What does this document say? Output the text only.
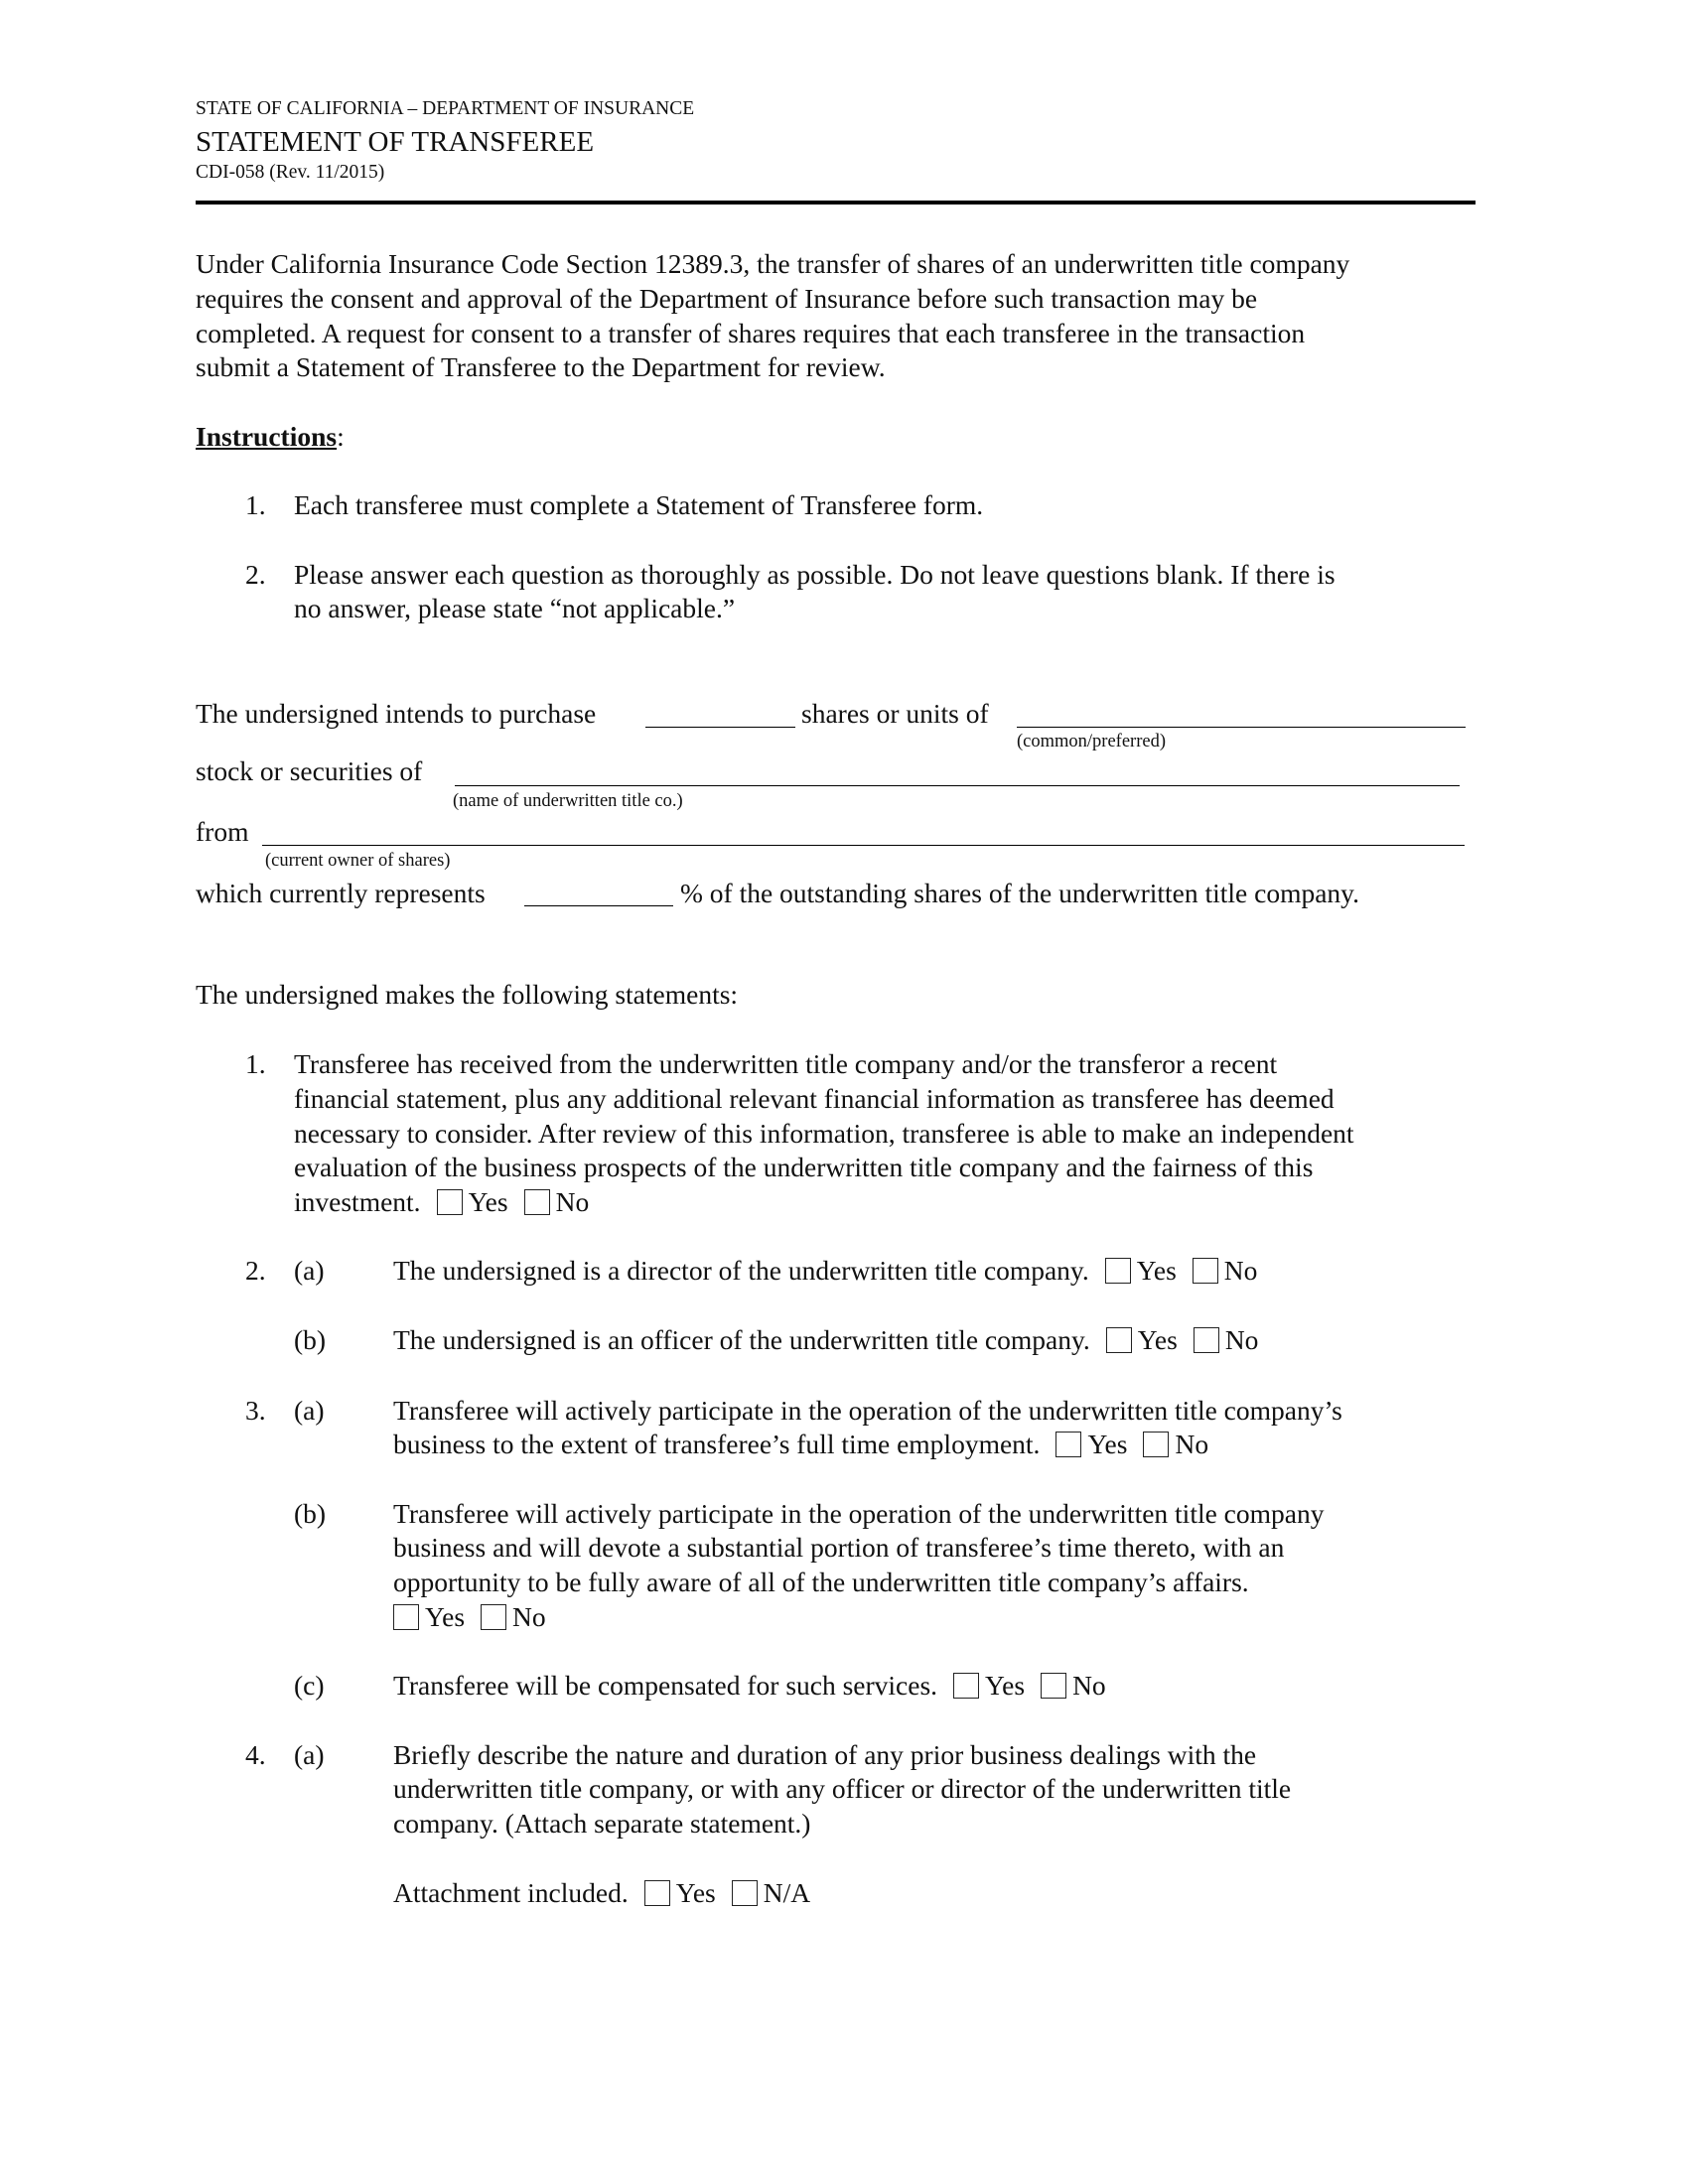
STATE OF CALIFORNIA – DEPARTMENT OF INSURANCE
STATEMENT OF TRANSFEREE
CDI-058 (Rev. 11/2015)
Under California Insurance Code Section 12389.3, the transfer of shares of an underwritten title company
requires the consent and approval of the Department of Insurance before such transaction may be
completed. A request for consent to a transfer of shares requires that each transferee in the transaction
submit a Statement of Transferee to the Department for review.
Instructions:
1. Each transferee must complete a Statement of Transferee form.
2. Please answer each question as thoroughly as possible. Do not leave questions blank. If there is
no answer, please state “not applicable.”
The undersigned intends to purchase	shares or units of
(common/preferred)
stock or securities of
(name of underwritten title co.)
from
(current owner of shares)
which currently represents	% of the outstanding shares of the underwritten title company.
The undersigned makes the following statements:
1. Transferee has received from the underwritten title company and/or the transferor a recent
financial statement, plus any additional relevant financial information as transferee has deemed
necessary to consider. After review of this information, transferee is able to make an independent
evaluation of the business prospects of the underwritten title company and the fairness of this
investment. Yes No
2. (a)	The undersigned is a director of the underwritten title company. Yes No
(b) The undersigned is an officer of the underwritten title company. Yes No
3. (a)	Transferee will actively participate in the operation of the underwritten title company’s
business to the extent of transferee’s full time employment. Yes No
(b) Transferee will actively participate in the operation of the underwritten title company
business and will devote a substantial portion of transferee’s time thereto, with an
opportunity to be fully aware of all of the underwritten title company’s affairs.
Yes No
(c)	Transferee will be compensated for such services. Yes No
4. (a)	Briefly describe the nature and duration of any prior business dealings with the
underwritten title company, or with any officer or director of the underwritten title
company. (Attach separate statement.)
Attachment included. Yes N/A
